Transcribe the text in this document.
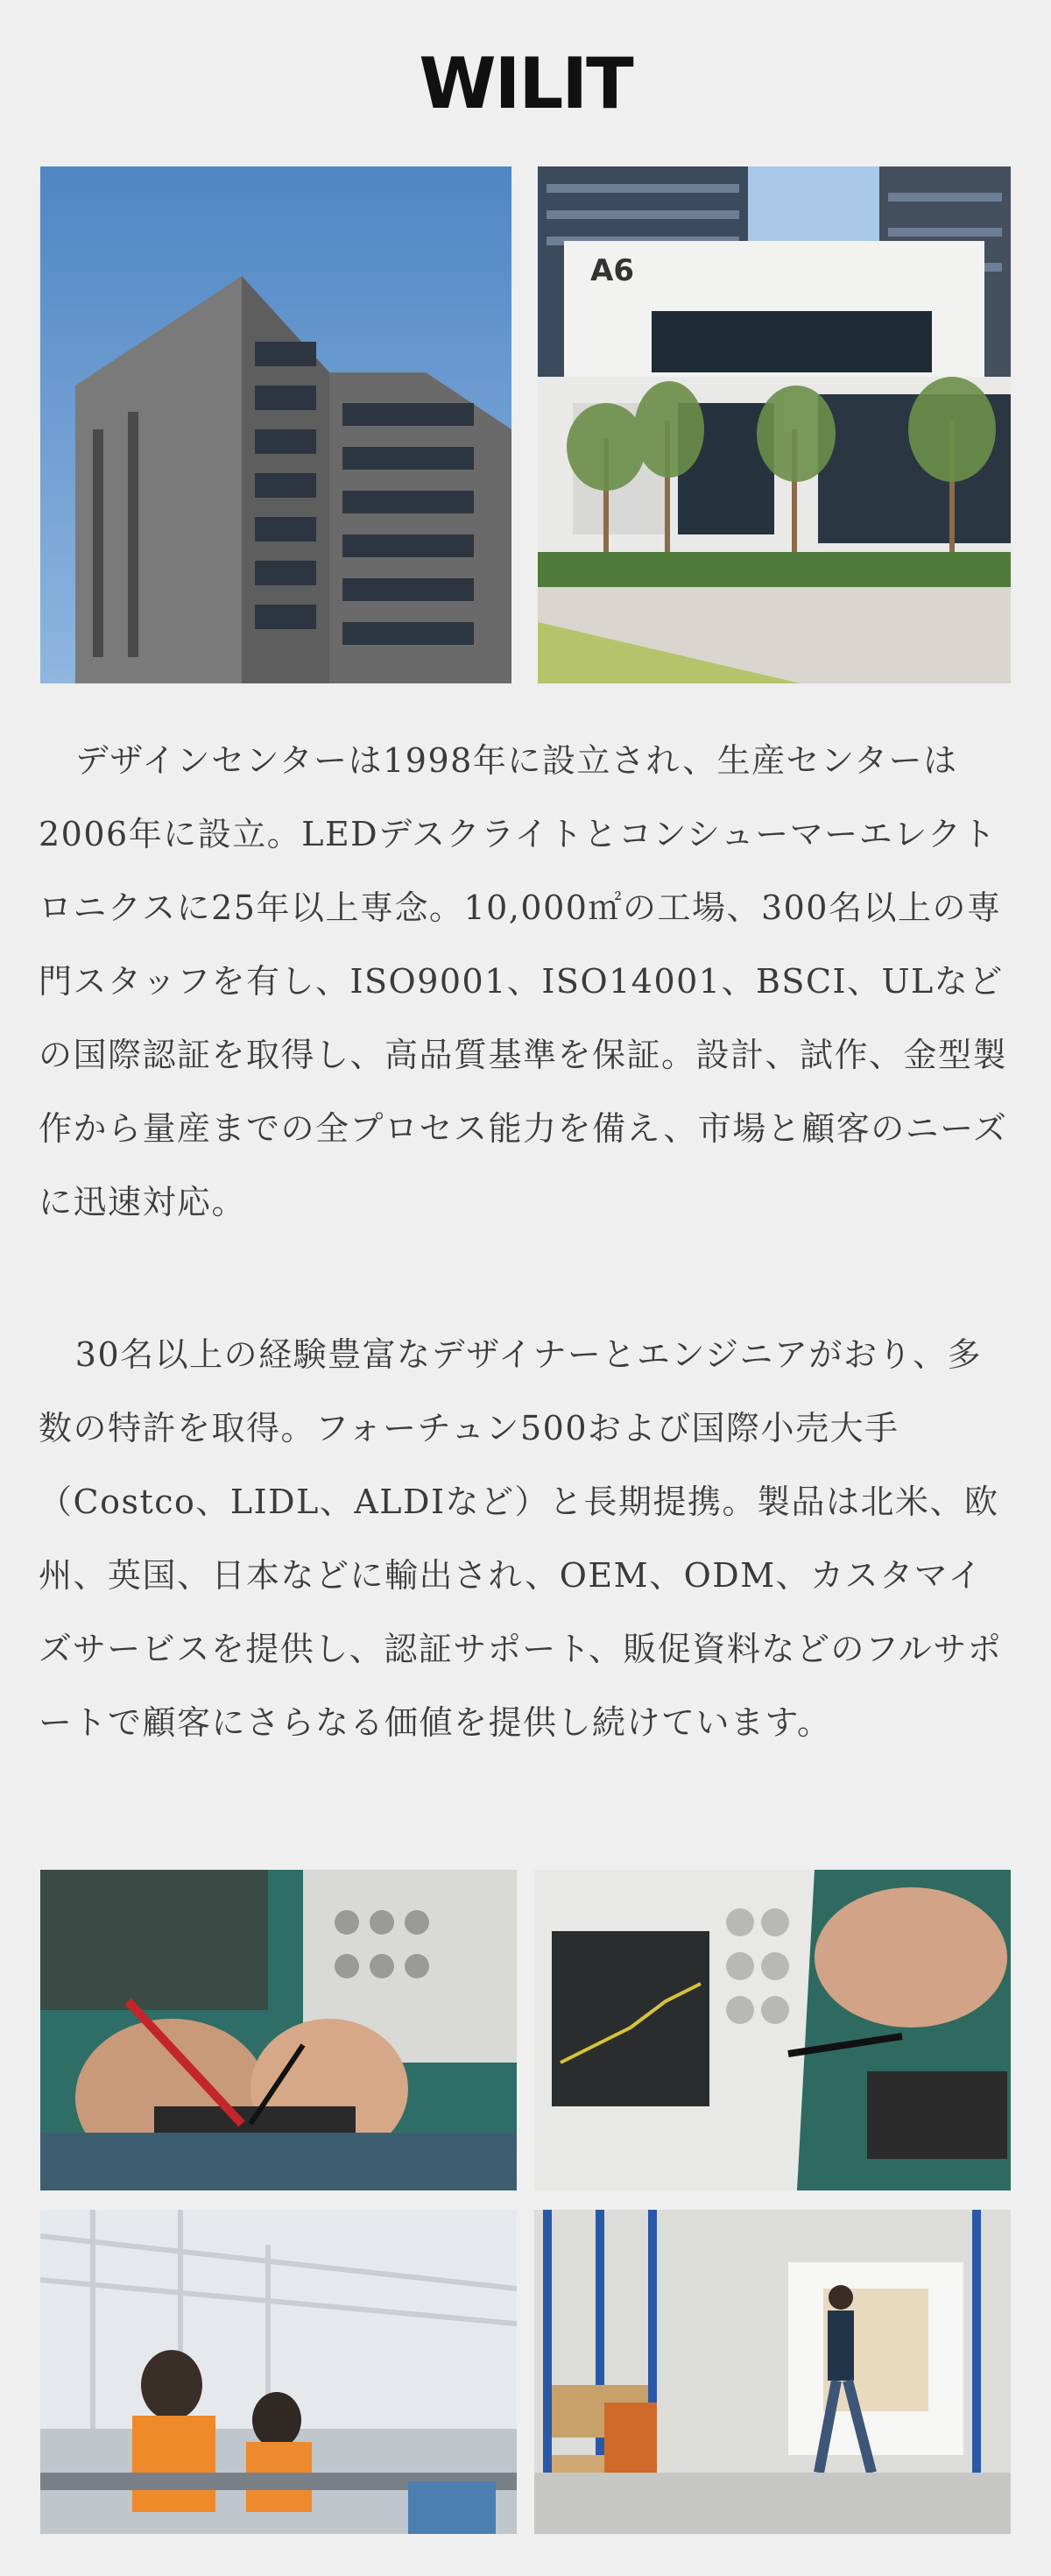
WILIT
A6

デザインセンターは1998年に設立され、生産センターは2006年に設立。LEDデスクライトとコンシューマーエレクトロニクスに25年以上専念。10,000㎡の工場、300名以上の専門スタッフを有し、ISO9001、ISO14001、BSCI、ULなどの国際認証を取得し、高品質基準を保証。設計、試作、金型製作から量産までの全プロセス能力を備え、市場と顧客のニーズに迅速対応。

30名以上の経験豊富なデザイナーとエンジニアがおり、多数の特許を取得。フォーチュン500および国際小売大手（Costco、LIDL、ALDIなど）と長期提携。製品は北米、欧州、英国、日本などに輸出され、OEM、ODM、カスタマイズサービスを提供し、認証サポート、販促資料などのフルサポートで顧客にさらなる価値を提供し続けています。
